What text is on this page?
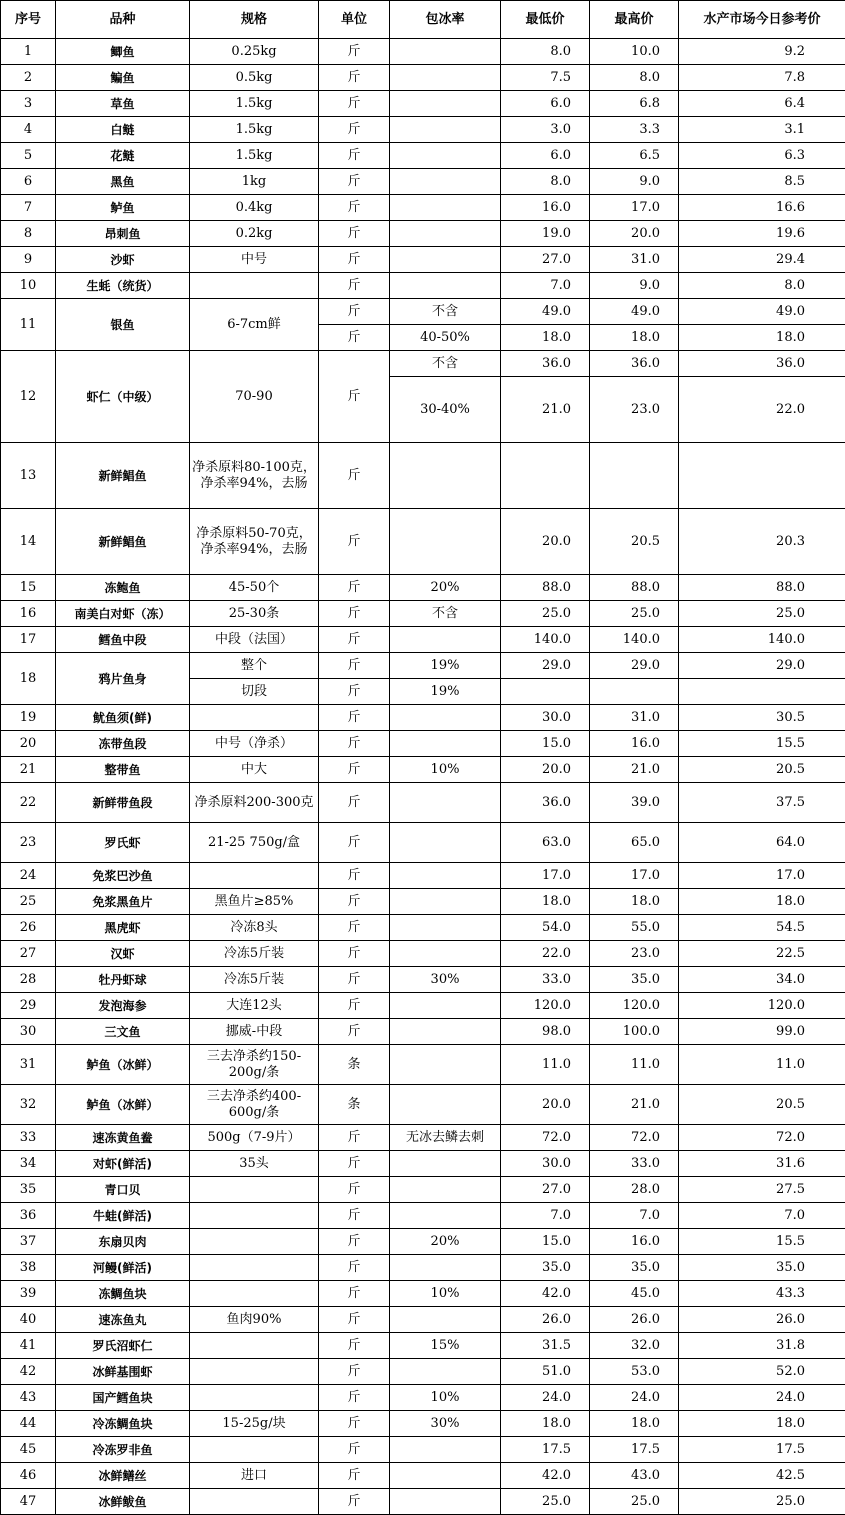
序号	品种	规格	单位	包冰率	最低价	最高价	水产市场今日参考价
1	鲫鱼	0.25kg	斤		8.0	10.0	9.2
2	鳊鱼	0.5kg	斤		7.5	8.0	7.8
3	草鱼	1.5kg	斤		6.0	6.8	6.4
4	白鲢	1.5kg	斤		3.0	3.3	3.1
5	花鲢	1.5kg	斤		6.0	6.5	6.3
6	黑鱼	1kg	斤		8.0	9.0	8.5
7	鲈鱼	0.4kg	斤		16.0	17.0	16.6
8	昂刺鱼	0.2kg	斤		19.0	20.0	19.6
9	沙虾	中号	斤		27.0	31.0	29.4
10	生蚝（统货）		斤		7.0	9.0	8.0
11	银鱼	6-7cm鲜	斤	不含	49.0	49.0	49.0
			斤	40-50%	18.0	18.0	18.0
12	虾仁（中级）	70-90	斤	不含	36.0	36.0	36.0
				30-40%	21.0	23.0	22.0
13	新鲜鲳鱼	净杀原料80-100克，净杀率94%，去肠	斤				
14	新鲜鲳鱼	净杀原料50-70克，净杀率94%，去肠	斤		20.0	20.5	20.3
15	冻鲍鱼	45-50个	斤	20%	88.0	88.0	88.0
16	南美白对虾（冻）	25-30条	斤	不含	25.0	25.0	25.0
17	鳕鱼中段	中段（法国）	斤		140.0	140.0	140.0
18	鸦片鱼身	整个	斤	19%	29.0	29.0	29.0
		切段	斤	19%			
19	鱿鱼须(鲜)		斤		30.0	31.0	30.5
20	冻带鱼段	中号（净杀）	斤		15.0	16.0	15.5
21	整带鱼	中大	斤	10%	20.0	21.0	20.5
22	新鲜带鱼段	净杀原料200-300克	斤		36.0	39.0	37.5
23	罗氏虾	21-25 750g/盒	斤		63.0	65.0	64.0
24	免浆巴沙鱼		斤		17.0	17.0	17.0
25	免浆黑鱼片	黑鱼片≥85%	斤		18.0	18.0	18.0
26	黑虎虾	冷冻8头	斤		54.0	55.0	54.5
27	汉虾	冷冻5斤装	斤		22.0	23.0	22.5
28	牡丹虾球	冷冻5斤装	斤	30%	33.0	35.0	34.0
29	发泡海参	大连12头	斤		120.0	120.0	120.0
30	三文鱼	挪威-中段	斤		98.0	100.0	99.0
31	鲈鱼（冰鲜）	三去净杀约150-200g/条	条		11.0	11.0	11.0
32	鲈鱼（冰鲜）	三去净杀约400-600g/条	条		20.0	21.0	20.5
33	速冻黄鱼鲞	500g（7-9片）	斤	无冰去鳞去刺	72.0	72.0	72.0
34	对虾(鲜活)	35头	斤		30.0	33.0	31.6
35	青口贝		斤		27.0	28.0	27.5
36	牛蛙(鲜活)		斤		7.0	7.0	7.0
37	东扇贝肉		斤	20%	15.0	16.0	15.5
38	河鳗(鲜活)		斤		35.0	35.0	35.0
39	冻鲷鱼块		斤	10%	42.0	45.0	43.3
40	速冻鱼丸	鱼肉90%	斤		26.0	26.0	26.0
41	罗氏沼虾仁		斤	15%	31.5	32.0	31.8
42	冰鲜基围虾		斤		51.0	53.0	52.0
43	国产鳕鱼块		斤	10%	24.0	24.0	24.0
44	冷冻鲷鱼块	15-25g/块	斤	30%	18.0	18.0	18.0
45	冷冻罗非鱼		斤		17.5	17.5	17.5
46	冰鲜鳝丝	进口	斤		42.0	43.0	42.5
47	冰鲜鲅鱼		斤		25.0	25.0	25.0
